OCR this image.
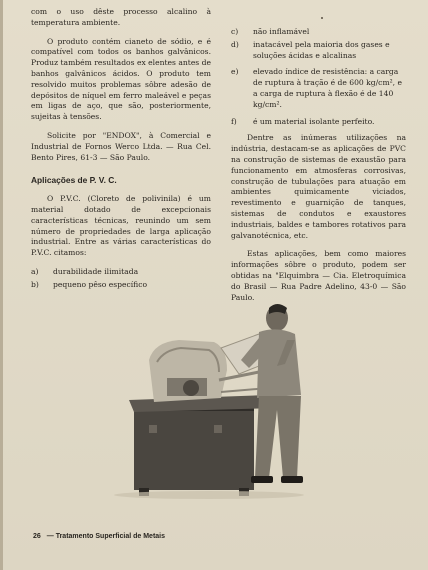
com o uso dêste processo alcalino à temperatura ambiente.

O produto contém cianeto de sódio, e é compatível com todos os banhos galvânicos. Produz também resultados ex elentes antes de banhos galvânicos ácidos. O produto tem resolvido muitos problemas sôbre adesão de depósitos de níquel em ferro maleável e peças em ligas de aço, que são, posteriormente, sujeitas à tensões.

Solicite por "ENDOX", à Comercial e Industrial de Fornos Werco Ltda. — Rua Cel. Bento Pires, 61-3 — São Paulo.

Aplicações de P. V. C.

O P.V.C. (Cloreto de polivinila) é um material dotado de excepcionais características técnicas, reunindo um sem número de propriedades de larga aplicação industrial. Entre as várias características do P.V.C. citamos:

a)	durabilidade ilimitada
b)	pequeno pêso específico
c)	não inflamável
d)	inatacável pela maioria dos gases e soluções ácidas e alcalinas
e)	elevado índice de resistência: a carga de ruptura à tração é de 600 kg/cm², e a carga de ruptura à flexão é de 140 kg/cm².
f)	é um material isolante perfeito.

Dentre as inúmeras utilizações na indústria, destacam-se as aplicações de PVC na construção de sistemas de exaustão para funcionamento em atmosferas corrosivas, construção de tubulações para atuação em ambientes quimicamente viciados, revestimento e guarnição de tanques, sistemas de condutos e exaustores industriais, baldes e tambores rotativos para galvanotécnica, etc.

Estas aplicações, bem como maiores informações sôbre o produto, podem ser obtidas na "Elquimbra — Cia. Eletroquímica do Brasil — Rua Padre Adelino, 43-0 — São Paulo.

26 — Tratamento Superficial de Metais
